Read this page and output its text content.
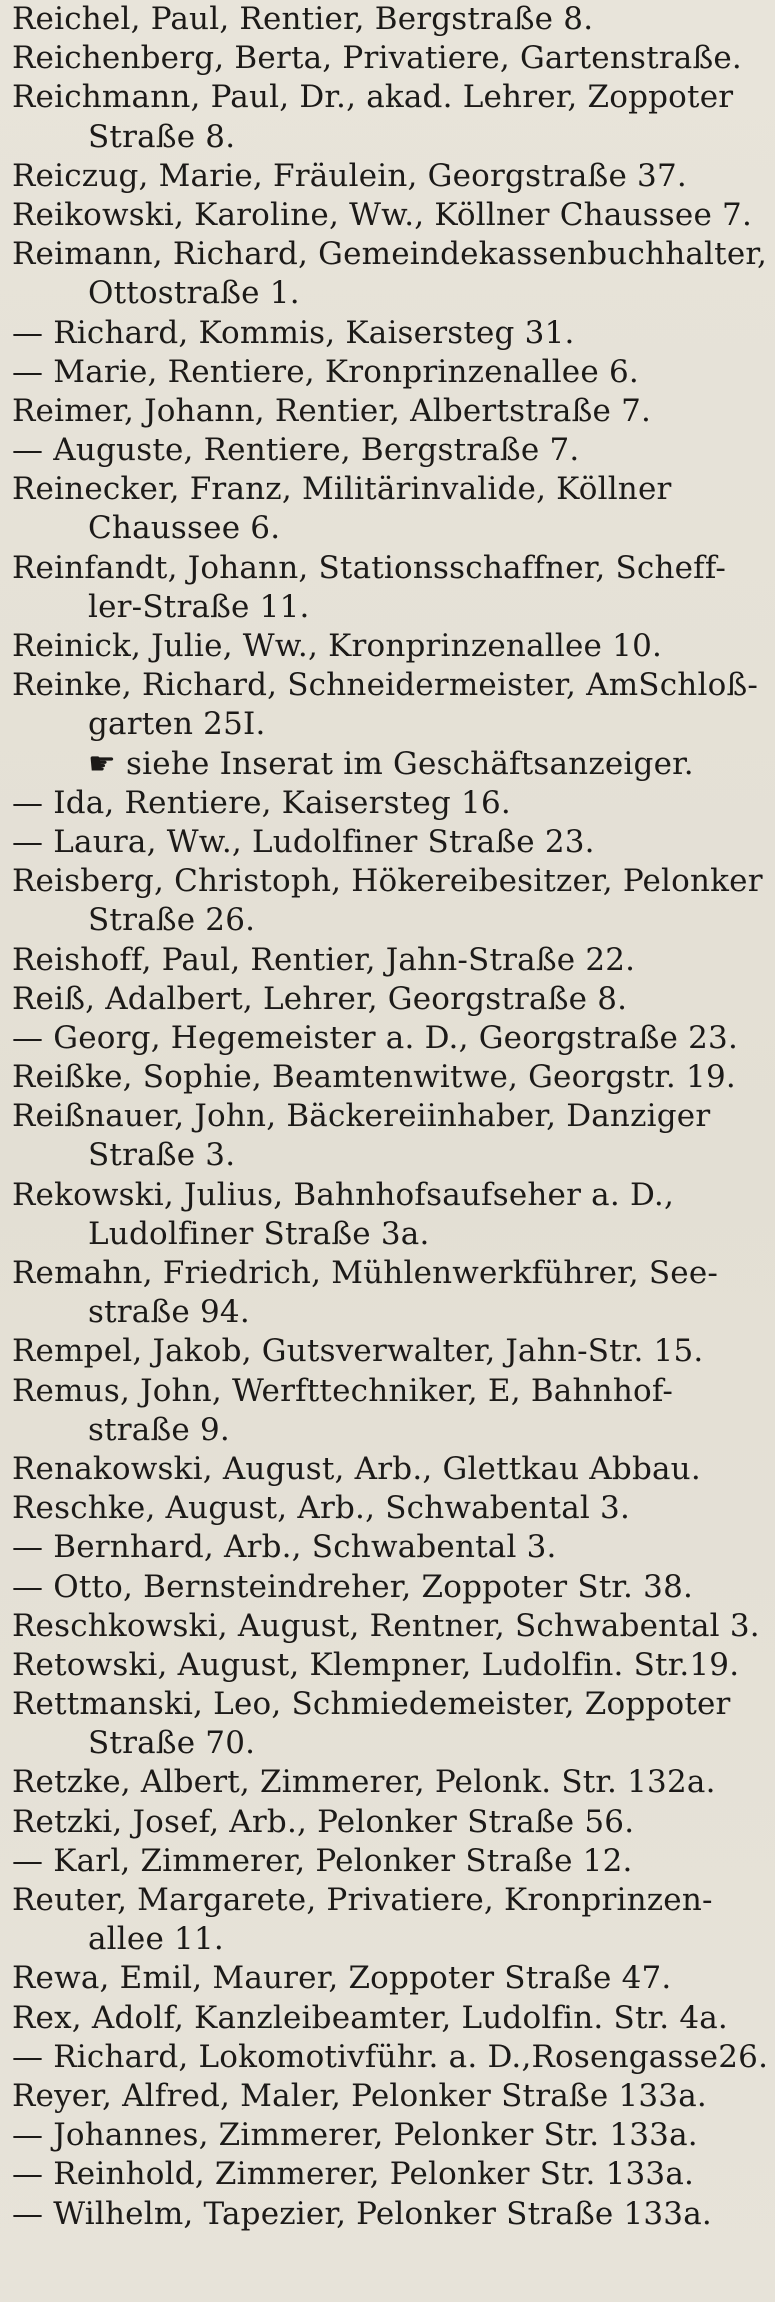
Reichel, Paul, Rentier, Bergstraße 8.
Reichenberg, Berta, Privatiere, Gartenstraße.
Reichmann, Paul, Dr., akad. Lehrer, Zoppoter
Straße 8.
Reiczug, Marie, Fräulein, Georgstraße 37.
Reikowski, Karoline, Ww., Köllner Chaussee 7.
Reimann, Richard, Gemeindekassenbuchhalter,
Ottostraße 1.
— Richard, Kommis, Kaisersteg 31.
— Marie, Rentiere, Kronprinzenallee 6.
Reimer, Johann, Rentier, Albertstraße 7.
— Auguste, Rentiere, Bergstraße 7.
Reinecker, Franz, Militärinvalide, Köllner
Chaussee 6.
Reinfandt, Johann, Stationsschaffner, Scheff-
ler-Straße 11.
Reinick, Julie, Ww., Kronprinzenallee 10.
Reinke, Richard, Schneidermeister, AmSchloß-
garten 25I.
☛ siehe Inserat im Geschäftsanzeiger.
— Ida, Rentiere, Kaisersteg 16.
— Laura, Ww., Ludolfiner Straße 23.
Reisberg, Christoph, Hökereibesitzer, Pelonker
Straße 26.
Reishoff, Paul, Rentier, Jahn-Straße 22.
Reiß, Adalbert, Lehrer, Georgstraße 8.
— Georg, Hegemeister a. D., Georgstraße 23.
Reißke, Sophie, Beamtenwitwe, Georgstr. 19.
Reißnauer, John, Bäckereiinhaber, Danziger
Straße 3.
Rekowski, Julius, Bahnhofsaufseher a. D.,
Ludolfiner Straße 3a.
Remahn, Friedrich, Mühlenwerkführer, See-
straße 94.
Rempel, Jakob, Gutsverwalter, Jahn-Str. 15.
Remus, John, Werfttechniker, E, Bahnhof-
straße 9.
Renakowski, August, Arb., Glettkau Abbau.
Reschke, August, Arb., Schwabental 3.
— Bernhard, Arb., Schwabental 3.
— Otto, Bernsteindreher, Zoppoter Str. 38.
Reschkowski, August, Rentner, Schwabental 3.
Retowski, August, Klempner, Ludolfin. Str.19.
Rettmanski, Leo, Schmiedemeister, Zoppoter
Straße 70.
Retzke, Albert, Zimmerer, Pelonk. Str. 132a.
Retzki, Josef, Arb., Pelonker Straße 56.
— Karl, Zimmerer, Pelonker Straße 12.
Reuter, Margarete, Privatiere, Kronprinzen-
allee 11.
Rewa, Emil, Maurer, Zoppoter Straße 47.
Rex, Adolf, Kanzleibeamter, Ludolfin. Str. 4a.
— Richard, Lokomotivführ. a. D.,Rosengasse26.
Reyer, Alfred, Maler, Pelonker Straße 133a.
— Johannes, Zimmerer, Pelonker Str. 133a.
— Reinhold, Zimmerer, Pelonker Str. 133a.
— Wilhelm, Tapezier, Pelonker Straße 133a.
